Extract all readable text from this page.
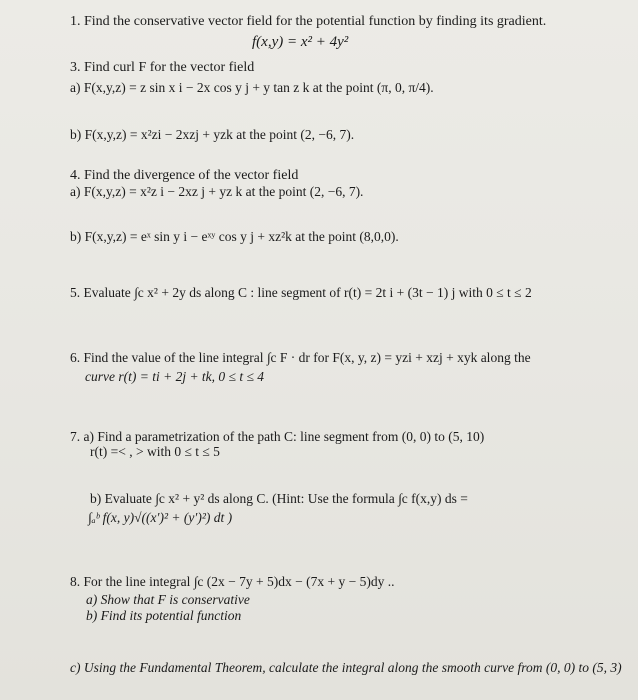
1. Find the conservative vector field for the potential function by finding its gradient.
f(x,y) = x² + 4y²
3. Find curl F for the vector field
a) F(x,y,z) = z sin x i − 2x cos y j + y tan z k at the point (π, 0, π/4).
b) F(x,y,z) = x²zi − 2xzj + yzk at the point (2, −6, 7).
4. Find the divergence of the vector field
a) F(x,y,z) = x²z i − 2xz j + yz k at the point (2, −6, 7).
b) F(x,y,z) = eˣ sin y i − eˣʸ cos y j + xz²k at the point (8,0,0).
5. Evaluate ∫c x² + 2y ds along C : line segment of r(t) = 2t i + (3t − 1) j with 0 ≤ t ≤ 2
6. Find the value of the line integral ∫c F · dr for F(x, y, z) = yzi + xzj + xyk along the
curve r(t) = ti + 2j + tk, 0 ≤ t ≤ 4
7. a) Find a parametrization of the path C: line segment from (0, 0) to (5, 10)
r(t) =< , > with 0 ≤ t ≤ 5
b) Evaluate ∫c x² + y² ds along C. (Hint: Use the formula ∫c f(x,y) ds =
∫ₐᵇ f(x, y)√((x′)² + (y′)²) dt )
8. For the line integral ∫c (2x − 7y + 5)dx − (7x + y − 5)dy ..
a) Show that F is conservative
b) Find its potential function
c) Using the Fundamental Theorem, calculate the integral along the smooth curve from (0, 0) to (5, 3)
